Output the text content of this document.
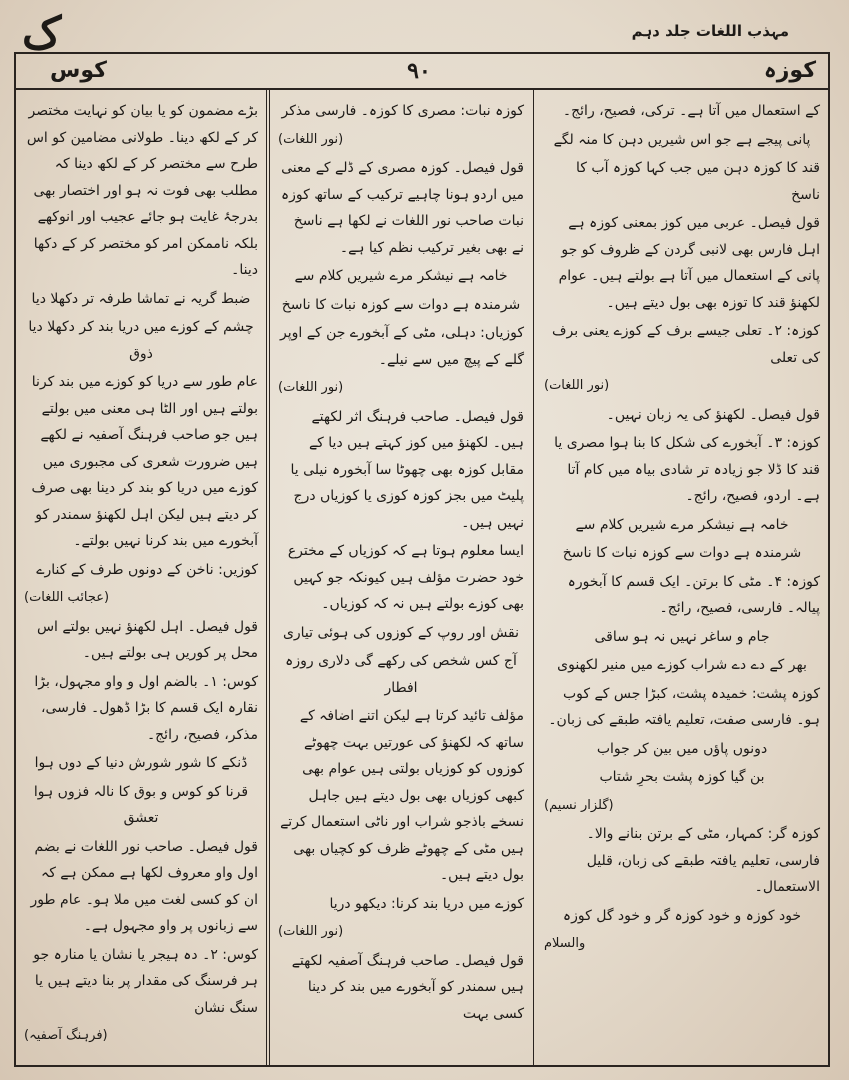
ک	مہذب اللغات جلد دہم
کوس	۹۰	کوزہ
کے استعمال میں آتا ہے۔ ترکی، فصیح، رائج۔
پانی پیجے ہے جو اس شیریں دہن کا منہ لگے
قند کا کوزہ دہن میں جب کہا کوزہ آب کا ناسخ
قول فیصل۔ عربی میں کوز بمعنی کوزہ ہے اہل فارس بھی لانبی گردن کے ظروف کو جو پانی کے استعمال میں آتا ہے بولتے ہیں۔ عوام لکھنؤ قند کا توزہ بھی بول دیتے ہیں۔
کوزہ: ۲۔ تعلی جیسے برف کے کوزے یعنی برف کی تعلی
(نور اللغات)
قول فیصل۔ لکھنؤ کی یہ زبان نہیں۔
کوزہ: ۳۔ آبخورے کی شکل کا بنا ہوا مصری یا قند کا ڈلا جو زیادہ تر شادی بیاہ میں کام آتا ہے۔ اردو، فصیح، رائج۔
خامہ ہے نیشکر مرے شیریں کلام سے
شرمندہ ہے دوات سے کوزہ نبات کا ناسخ
کوزہ: ۴۔ مٹی کا برتن۔ ایک قسم کا آبخورہ پیالہ۔ فارسی، فصیح، رائج۔
جام و ساغر نہیں نہ ہو ساقی
بھر کے دے دے شراب کوزے میں منیر لکھنوی
کوزہ پشت: خمیدہ پشت، کبڑا جس کے کوب ہو۔ فارسی صفت، تعلیم یافتہ طبقے کی زبان۔
دونوں پاؤں میں بین کر جواب
بن گیا کوزہ پشت بحرِ شتاب
(گلزار نسیم)
کوزہ گر: کمہار، مٹی کے برتن بنانے والا۔ فارسی، تعلیم یافتہ طبقے کی زبان، قلیل الاستعمال۔
خود کوزہ و خود کوزہ گر و خود گل کوزہ
والسلام
کوزہ نبات: مصری کا کوزہ۔ فارسی مذکر
(نور اللغات)
قول فیصل۔ کوزہ مصری کے ڈلے کے معنی میں اردو ہونا چاہیے ترکیب کے ساتھ کوزہ نبات صاحب نور اللغات نے لکھا ہے ناسخ نے بھی بغیر ترکیب نظم کیا ہے۔
خامہ ہے نیشکر مرے شیریں کلام سے
شرمندہ ہے دوات سے کوزہ نبات کا ناسخ
کوزیاں: دہلی، مٹی کے آبخورے جن کے اوپر گلے کے پیچ میں سے نیلے۔
(نور اللغات)
قول فیصل۔ صاحب فرہنگ اثر لکھتے ہیں۔ لکھنؤ میں کوز کہتے ہیں دیا کے مقابل کوزہ بھی چھوٹا سا آبخورہ نیلی یا پلیٹ میں بجز کوزہ کوزی یا کوزیاں درج نہیں ہیں۔
ایسا معلوم ہوتا ہے کہ کوزیاں کے مخترع خود حضرت مؤلف ہیں کیونکہ جو کہیں بھی کوزے بولتے ہیں نہ کہ کوزیاں۔
نقش اور روپ کے کوزوں کی ہوئی تیاری
آج کس شخص کی رکھے گی دلاری روزہ افطار
مؤلف تائید کرتا ہے لیکن اتنے اضافہ کے ساتھ کہ لکھنؤ کی عورتیں بہت چھوٹے کوزوں کو کوزیاں بولتی ہیں عوام بھی کبھی کوزیاں بھی بول دیتے ہیں جاہل نسخے باذجو شراب اور ناٹی استعمال کرتے ہیں مٹی کے چھوٹے ظرف کو کچیاں بھی بول دیتے ہیں۔
کوزے میں دریا بند کرنا: دیکھو دریا
(نور اللغات)
قول فیصل۔ صاحب فرہنگ آصفیہ لکھتے ہیں سمندر کو آبخورے میں بند کر دینا کسی بہت
بڑے مضمون کو یا بیان کو نہایت مختصر کر کے لکھ دینا۔ طولانی مضامین کو اس طرح سے مختصر کر کے لکھ دینا کہ مطلب بھی فوت نہ ہو اور اختصار بھی بدرجۂ غایت ہو جائے عجیب اور انوکھے بلکہ ناممکن امر کو مختصر کر کے دکھا دینا۔
ضبط گریہ نے تماشا طرفہ تر دکھلا دیا
چشم کے کوزے میں دریا بند کر دکھلا دیا ذوق
عام طور سے دریا کو کوزے میں بند کرنا بولتے ہیں اور الٹا ہی معنی میں بولتے ہیں جو صاحب فرہنگ آصفیہ نے لکھے ہیں ضرورت شعری کی مجبوری میں کوزے میں دریا کو بند کر دینا بھی صرف کر دیتے ہیں لیکن اہل لکھنؤ سمندر کو آبخورے میں بند کرنا نہیں بولتے۔
کوزیں: ناخن کے دونوں طرف کے کنارے
(عجائب اللغات)
قول فیصل۔ اہل لکھنؤ نہیں بولتے اس محل پر کوریں ہی بولتے ہیں۔
کوس: ۱۔ بالضم اول و واو مجہول، بڑا نقارہ ایک قسم کا بڑا ڈھول۔ فارسی، مذکر، فصیح، رائج۔
ڈنکے کا شور شورش دنیا کے دوں ہوا
قرنا کو کوس و بوق کا نالہ فزوں ہوا تعشق
قول فیصل۔ صاحب نور اللغات نے بضم اول واو معروف لکھا ہے ممکن ہے کہ ان کو کسی لغت میں ملا ہو۔ عام طور سے زبانوں پر واو مجہول ہے۔
کوس: ۲۔ دہ ہیجر یا نشان یا منارہ جو ہر فرسنگ کی مقدار پر بنا دیتے ہیں یا سنگ نشان
(فرہنگ آصفیہ)
